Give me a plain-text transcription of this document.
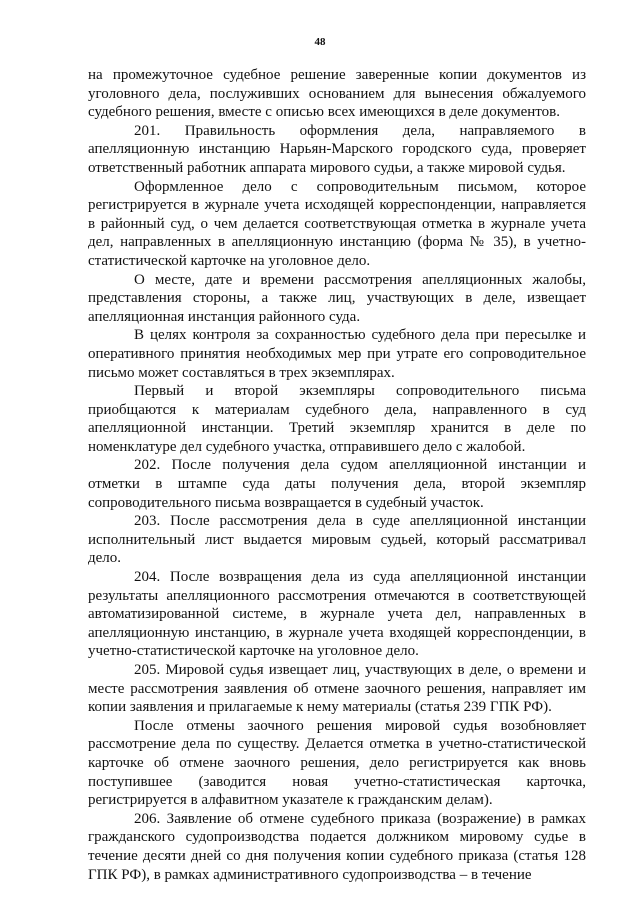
48

на промежуточное судебное решение заверенные копии документов из уголовного дела, послуживших основанием для вынесения обжалуемого судебного решения, вместе с описью всех имеющихся в деле документов.

201. Правильность оформления дела, направляемого в апелляционную инстанцию Нарьян-Марского городского суда, проверяет ответственный работник аппарата мирового судьи, а также мировой судья.

Оформленное дело с сопроводительным письмом, которое регистрируется в журнале учета исходящей корреспонденции, направляется в районный суд, о чем делается соответствующая отметка в журнале учета дел, направленных в апелляционную инстанцию (форма № 35), в учетно-статистической карточке на уголовное дело.

О месте, дате и времени рассмотрения апелляционных жалобы, представления стороны, а также лиц, участвующих в деле, извещает апелляционная инстанция районного суда.

В целях контроля за сохранностью судебного дела при пересылке и оперативного принятия необходимых мер при утрате его сопроводительное письмо может составляться в трех экземплярах.

Первый и второй экземпляры сопроводительного письма приобщаются к материалам судебного дела, направленного в суд апелляционной инстанции. Третий экземпляр хранится в деле по номенклатуре дел судебного участка, отправившего дело с жалобой.

202. После получения дела судом апелляционной инстанции и отметки в штампе суда даты получения дела, второй экземпляр сопроводительного письма возвращается в судебный участок.

203. После рассмотрения дела в суде апелляционной инстанции исполнительный лист выдается мировым судьей, который рассматривал дело.

204. После возвращения дела из суда апелляционной инстанции результаты апелляционного рассмотрения отмечаются в соответствующей автоматизированной системе, в журнале учета дел, направленных в апелляционную инстанцию, в журнале учета входящей корреспонденции, в учетно-статистической карточке на уголовное дело.

205. Мировой судья извещает лиц, участвующих в деле, о времени и месте рассмотрения заявления об отмене заочного решения, направляет им копии заявления и прилагаемые к нему материалы (статья 239 ГПК РФ).

После отмены заочного решения мировой судья возобновляет рассмотрение дела по существу. Делается отметка в учетно-статистической карточке об отмене заочного решения, дело регистрируется как вновь поступившее (заводится новая учетно-статистическая карточка, регистрируется в алфавитном указателе к гражданским делам).

206. Заявление об отмене судебного приказа (возражение) в рамках гражданского судопроизводства подается должником мировому судье в течение десяти дней со дня получения копии судебного приказа (статья 128 ГПК РФ), в рамках административного судопроизводства – в течение
